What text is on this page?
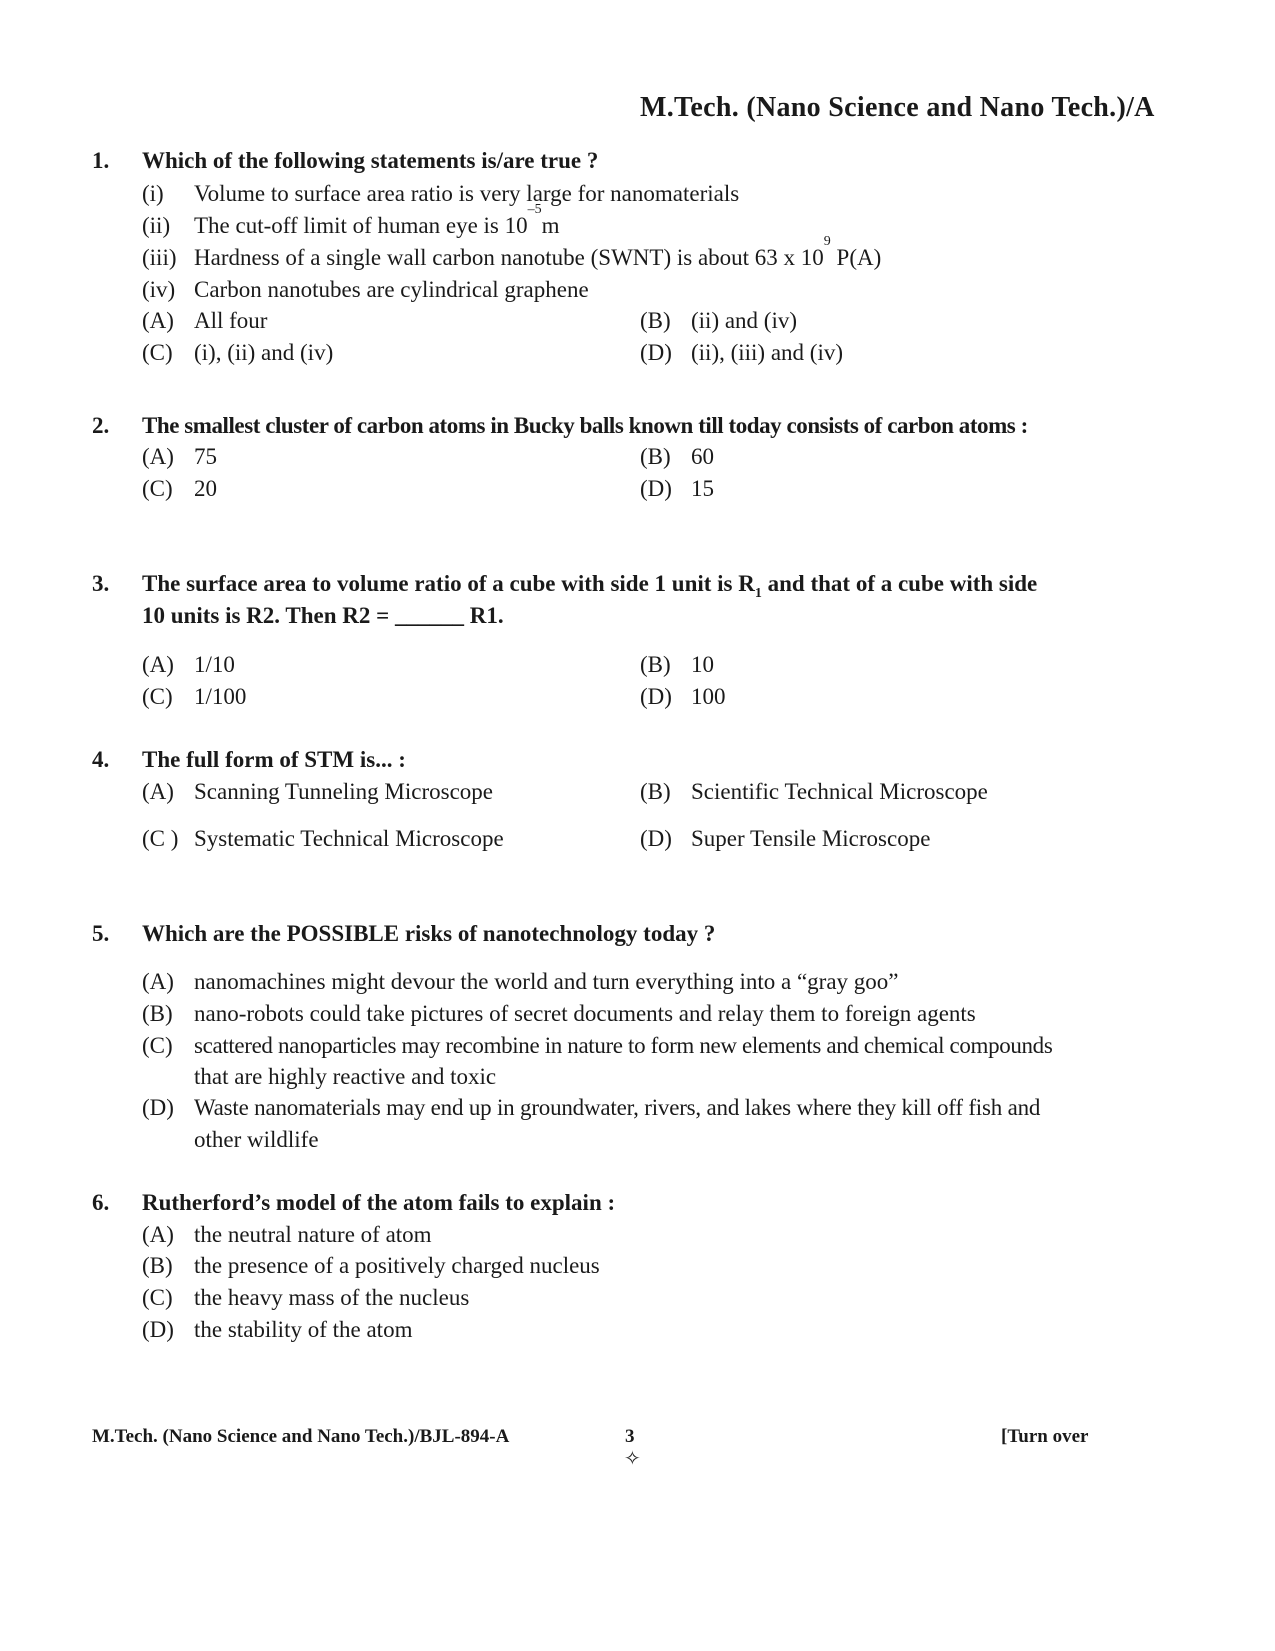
M.Tech. (Nano Science and Nano Tech.)/A
1. Which of the following statements is/are true ?
(i) Volume to surface area ratio is very large for nanomaterials
(ii) The cut-off limit of human eye is $10^{-5}m$
(iii) Hardness of a single wall carbon nanotube (SWNT) is about 63 x $10^9$ P(A)
(iv) Carbon nanotubes are cylindrical graphene
(A) All four	(B) (ii) and (iv)
(C) (i), (ii) and (iv)	(D) (ii), (iii) and (iv)
2. The smallest cluster of carbon atoms in Bucky balls known till today consists of carbon atoms :
(A) 75	(B) 60
(C) 20	(D) 15
3. The surface area to volume ratio of a cube with side 1 unit is $R_1$ and that of a cube with side
10 units is R2. Then R2 = ______ R1.
(A) 1/10	(B) 10
(C) 1/100	(D) 100
4. The full form of STM is... :
(A) Scanning Tunneling Microscope	(B) Scientific Technical Microscope
(C ) Systematic Technical Microscope	(D) Super Tensile Microscope
5. Which are the POSSIBLE risks of nanotechnology today ?
(A) nanomachines might devour the world and turn everything into a “gray goo”
(B) nano-robots could take pictures of secret documents and relay them to foreign agents
(C) scattered nanoparticles may recombine in nature to form new elements and chemical compounds
that are highly reactive and toxic
(D) Waste nanomaterials may end up in groundwater, rivers, and lakes where they kill off fish and
other wildlife
6. Rutherford’s model of the atom fails to explain :
(A) the neutral nature of atom
(B) the presence of a positively charged nucleus
(C) the heavy mass of the nucleus
(D) the stability of the atom
M.Tech. (Nano Science and Nano Tech.)/BJL-894-A	3	[Turn over
✧
